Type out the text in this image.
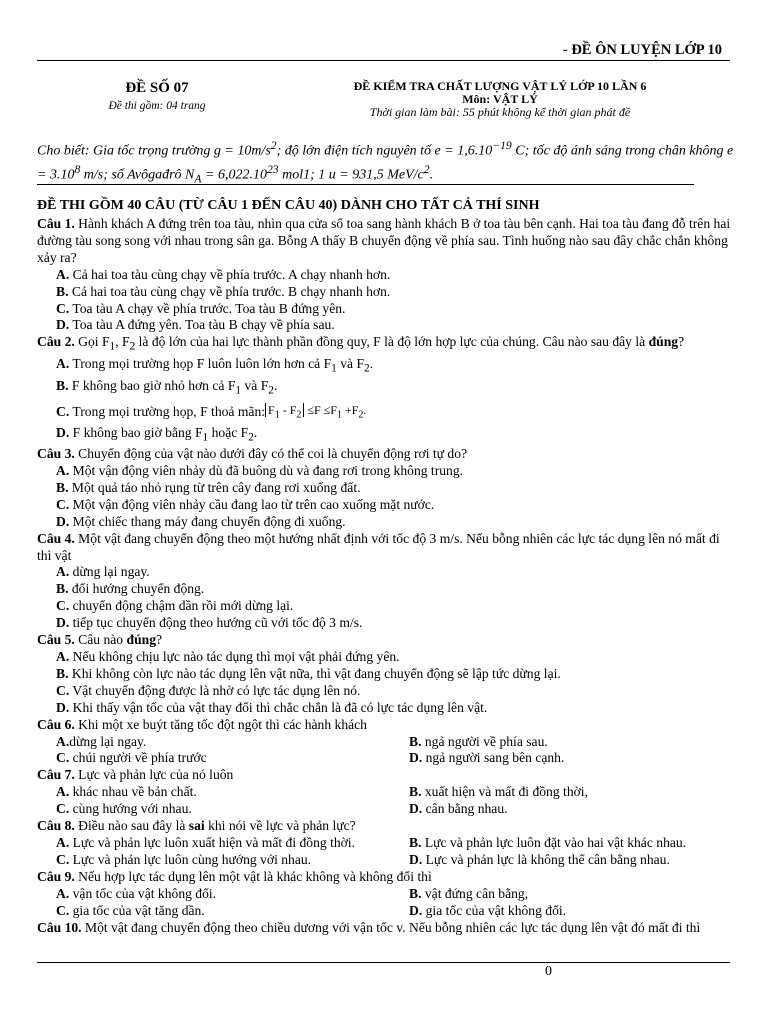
- ĐỀ ÔN LUYỆN LỚP 10
ĐỀ SỐ 07
Đề thi gồm: 04 trang
ĐỀ KIỂM TRA CHẤT LƯỢNG VẬT LÝ LỚP 10 LẦN 6
Môn: VẬT LÝ
Thời gian làm bài: 55 phút không kể thời gian phát đề
Cho biết: Gia tốc trọng trường $g = 10m/s^2$; độ lớn điện tích nguyên tố $e = 1,6.10^{-19}$ C; tốc độ ánh sáng trong chân không $e = 3.10^8$ m/s; số Avôgađrô $N_A = 6,022.10^{23}$ mol1; 1 u = 931,5 MeV/$c^2$.
ĐỀ THI GỒM 40 CÂU (TỪ CÂU 1 ĐẾN CÂU 40) DÀNH CHO TẤT CẢ THÍ SINH
Câu 1. Hành khách A đứng trên toa tàu, nhìn qua cửa sổ toa sang hành khách B ở toa tàu bên cạnh. Hai toa tàu đang đỗ trên hai đường tàu song song với nhau trong sân ga. Bỗng A thấy B chuyển động về phía sau. Tình huống nào sau đây chắc chắn không xảy ra?
A. Cả hai toa tàu cùng chạy về phía trước. A chạy nhanh hơn.
B. Cả hai toa tàu cùng chạy về phía trước. B chạy nhanh hơn.
C. Toa tàu A chạy về phía trước. Toa tàu B đứng yên.
D. Toa tàu A đứng yên. Toa tàu B chạy về phía sau.
Câu 2. Gọi $F_1$, $F_2$ là độ lớn của hai lực thành phần đồng quy, F là độ lớn hợp lực của chúng. Câu nào sau đây là đúng?
A. Trong mọi trường họp F luôn luôn lớn hơn cả $F_1$ và $F_2$.
B. F không bao giờ nhỏ hơn cả $F_1$ và $F_2$.
C. Trong mọi trường họp, F thoả mãn: $F_1 - F_2 \le F \le F_1 +F_2$.
D. F không bao giờ bằng $F_1$ hoặc $F_2$.
Câu 3. Chuyển động của vật nào dưới đây có thể coi là chuyển động rơi tự do?
A. Một vận động viên nhảy dù đã buông dù và đang rơi trong không trung.
B. Một quả táo nhỏ rụng từ trên cây đang rơi xuống đất.
C. Một vận động viên nhảy cầu đang lao từ trên cao xuống mặt nước.
D. Một chiếc thang máy đang chuyển động đi xuống.
Câu 4. Một vật đang chuyển động theo một hướng nhất định với tốc độ 3 m/s. Nếu bỗng nhiên các lực tác dụng lên nó mất đi thì vật
A. dừng lại ngay.
B. đổi hướng chuyển động.
C. chuyển động chậm dần rồi mới dừng lại.
D. tiếp tục chuyển động theo hướng cũ với tốc độ 3 m/s.
Câu 5. Câu nào đúng?
A. Nếu không chịu lực nào tác dụng thì mọi vật phải đứng yên.
B. Khi không còn lực nào tác dụng lên vật nữa, thì vật đang chuyển động sẽ lập tức dừng lại.
C. Vật chuyển động được là nhờ có lực tác dụng lên nó.
D. Khi thấy vận tốc của vật thay đổi thì chắc chắn là đã có lực tác dụng lên vật.
Câu 6. Khi một xe buýt tăng tốc đột ngột thì các hành khách
A.dừng lại ngay.	B. ngả người về phía sau.
C. chúi người về phía trước	D. ngả người sang bên cạnh.
Câu 7. Lực và phản lực của nó luôn
A. khác nhau về bản chất.	B. xuất hiện và mất đi đồng thời,
C. cùng hướng với nhau.	D. cân bằng nhau.
Câu 8. Điều nào sau đây là sai khi nói về lực và phản lực?
A. Lực và phản lực luôn xuất hiện và mất đi đồng thời.	B. Lực và phản lực luôn đặt vào hai vật khác nhau.
C. Lực và phản lực luôn cùng hướng với nhau.	D. Lực và phản lực là không thể cân bằng nhau.
Câu 9. Nếu hợp lực tác dụng lên một vật là khác không và không đổi thì
A. vận tốc của vật không đổi.	B. vật đứng cân bằng,
C. gia tốc của vật tăng dần.	D. gia tốc của vật không đổi.
Câu 10. Một vật đang chuyển động theo chiều dương với vận tốc v. Nếu bỗng nhiên các lực tác dụng lên vật đó mất đi thì
0
